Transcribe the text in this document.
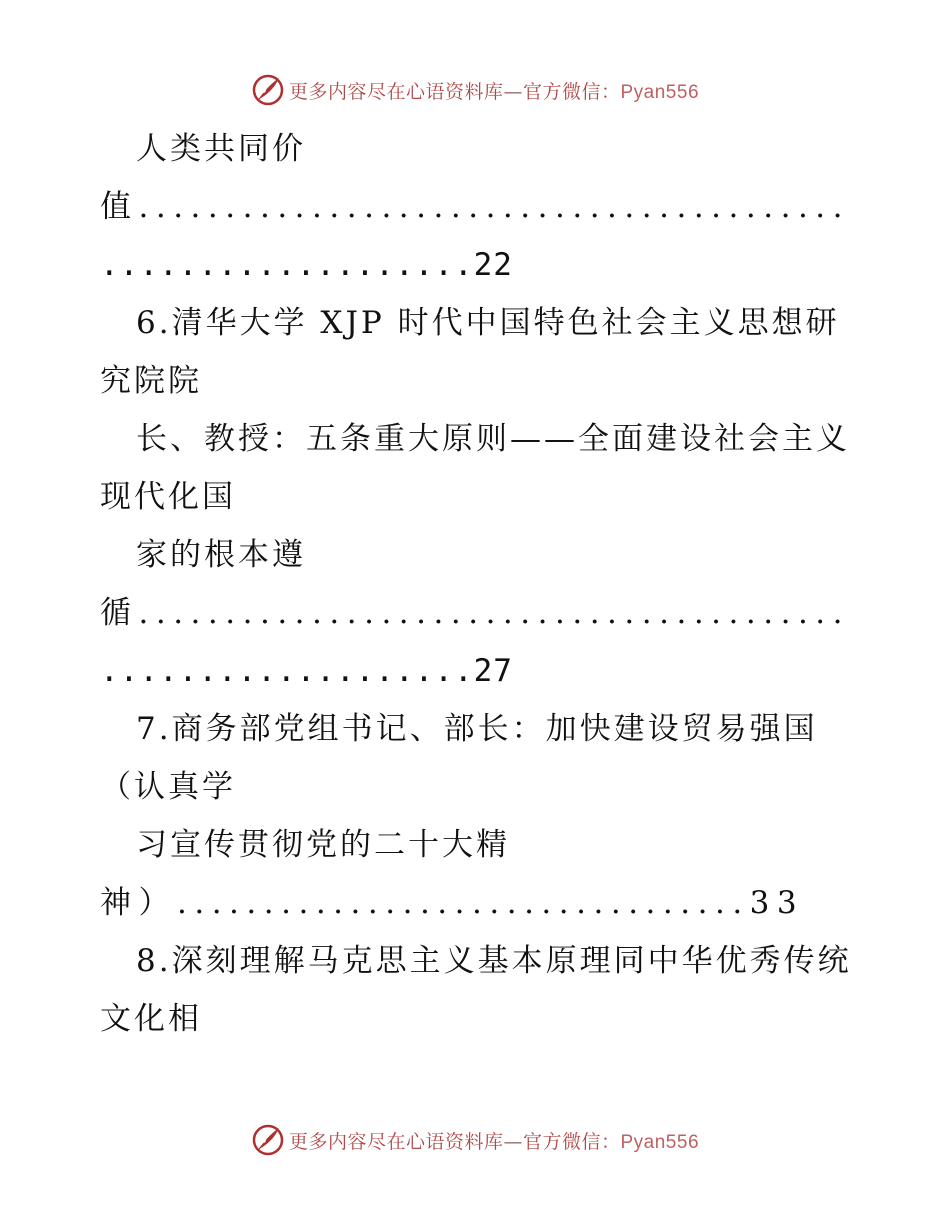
更多内容尽在心语资料库—官方微信：Pyan556
人类共同价
值.........................................
...................22
6.清华大学 XJP 时代中国特色社会主义思想研
究院院
长、教授：五条重大原则——全面建设社会主义
现代化国
家的根本遵
循.........................................
...................27
7.商务部党组书记、部长：加快建设贸易强国
（认真学
习宣传贯彻党的二十大精
神）.................................33
8.深刻理解马克思主义基本原理同中华优秀传统
文化相
更多内容尽在心语资料库—官方微信：Pyan556
